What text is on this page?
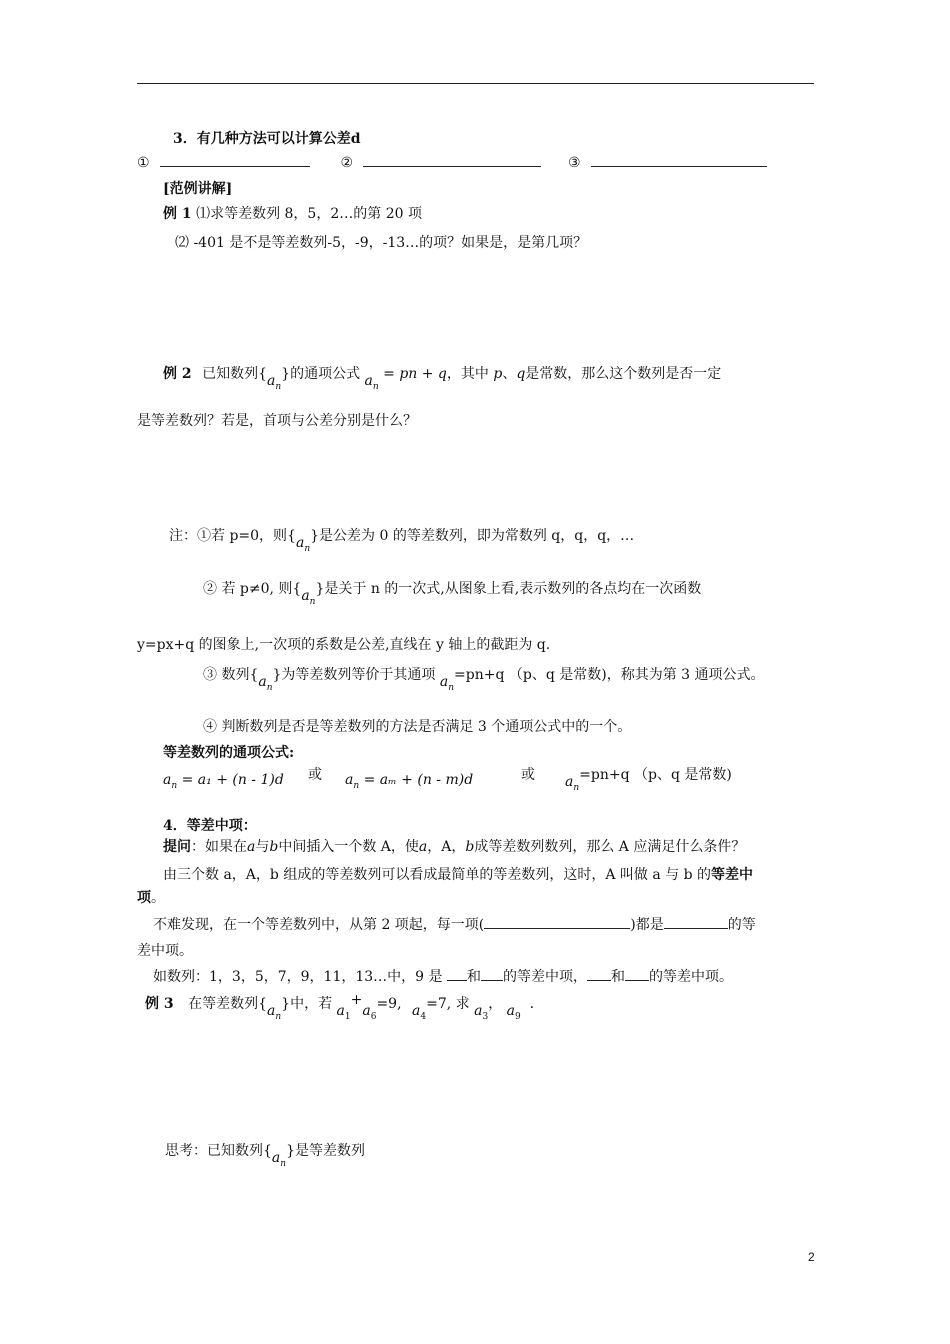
3．有几种方法可以计算公差d
①	②	③
[范例讲解]
例 1 ⑴求等差数列 8，5，2…的第 20 项
⑵ -401 是不是等差数列-5，-9，-13…的项？如果是，是第几项？
例 2 已知数列$\{a_n\}$的通项公式 $a_n$ = pn + q，其中 p、q是常数，那么这个数列是否一定
是等差数列？若是，首项与公差分别是什么？
注：①若 p=0，则$\{a_n\}$是公差为 0 的等差数列，即为常数列 q，q，q，…
② 若 p≠0, 则$\{a_n\}$是关于 n 的一次式,从图象上看,表示数列的各点均在一次函数
y=px+q 的图象上,一次项的系数是公差,直线在 y 轴上的截距为 q.
③ 数列$\{a_n\}$为等差数列等价于其通项 $a_n=pn+q$ （p、q 是常数)，称其为第 3 通项公式。
④ 判断数列是否是等差数列的方法是否满足 3 个通项公式中的一个。
等差数列的通项公式:
$a_n = a_1 + (n - 1)d$ 或 $a_n = a_m + (n - m)d$	或 $a_n=pn+q$ （p、q 是常数)
4．等差中项：
提问：如果在a与b中间插入一个数 A，使a，A，b成等差数列数列，那么 A 应满足什么条件？
由三个数 a，A，b 组成的等差数列可以看成最简单的等差数列，这时，A 叫做 a 与 b 的等差中
项。
不难发现，在一个等差数列中，从第 2 项起，每一项(	)都是	的等
差中项。
如数列：1，3，5，7，9，11，13…中，9 是 和 的等差中项， 和 的等差中项。
例 3 在等差数列$\{a_n\}$中，若 $a_1+a_6=9$, $a_4=7$, 求 $a_3$， $a_9$  .
思考：已知数列$\{a_n\}$是等差数列
2
